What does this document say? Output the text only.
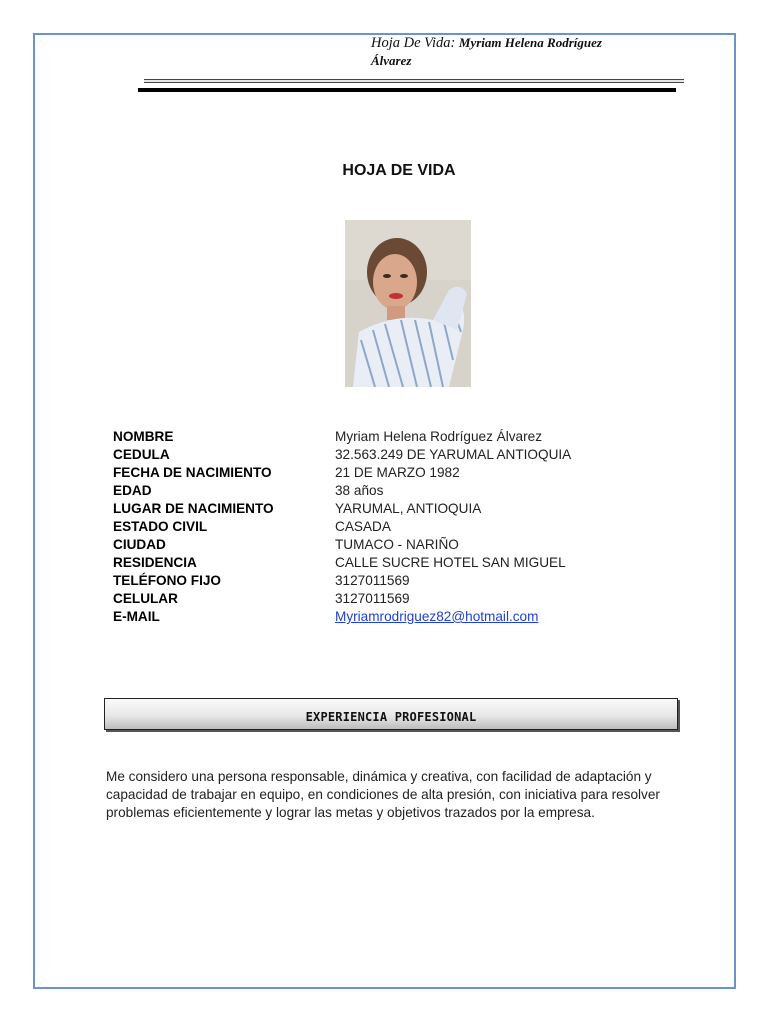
Hoja De Vida: Myriam Helena Rodríguez
Álvarez
HOJA DE VIDA
NOMBRE	Myriam Helena Rodríguez Álvarez
CEDULA	32.563.249 DE YARUMAL ANTIOQUIA
FECHA DE NACIMIENTO	21 DE MARZO 1982
EDAD	38 años
LUGAR DE NACIMIENTO	YARUMAL, ANTIOQUIA
ESTADO CIVIL	CASADA
CIUDAD	TUMACO - NARIÑO
RESIDENCIA	CALLE SUCRE HOTEL SAN MIGUEL
TELÉFONO FIJO	3127011569
CELULAR	3127011569
E-MAIL	Myriamrodriguez82@hotmail.com
EXPERIENCIA PROFESIONAL
Me considero una persona responsable, dinámica y creativa, con facilidad de adaptación y capacidad de trabajar en equipo, en condiciones de alta presión, con iniciativa para resolver problemas eficientemente y lograr las metas y objetivos trazados por la empresa.
